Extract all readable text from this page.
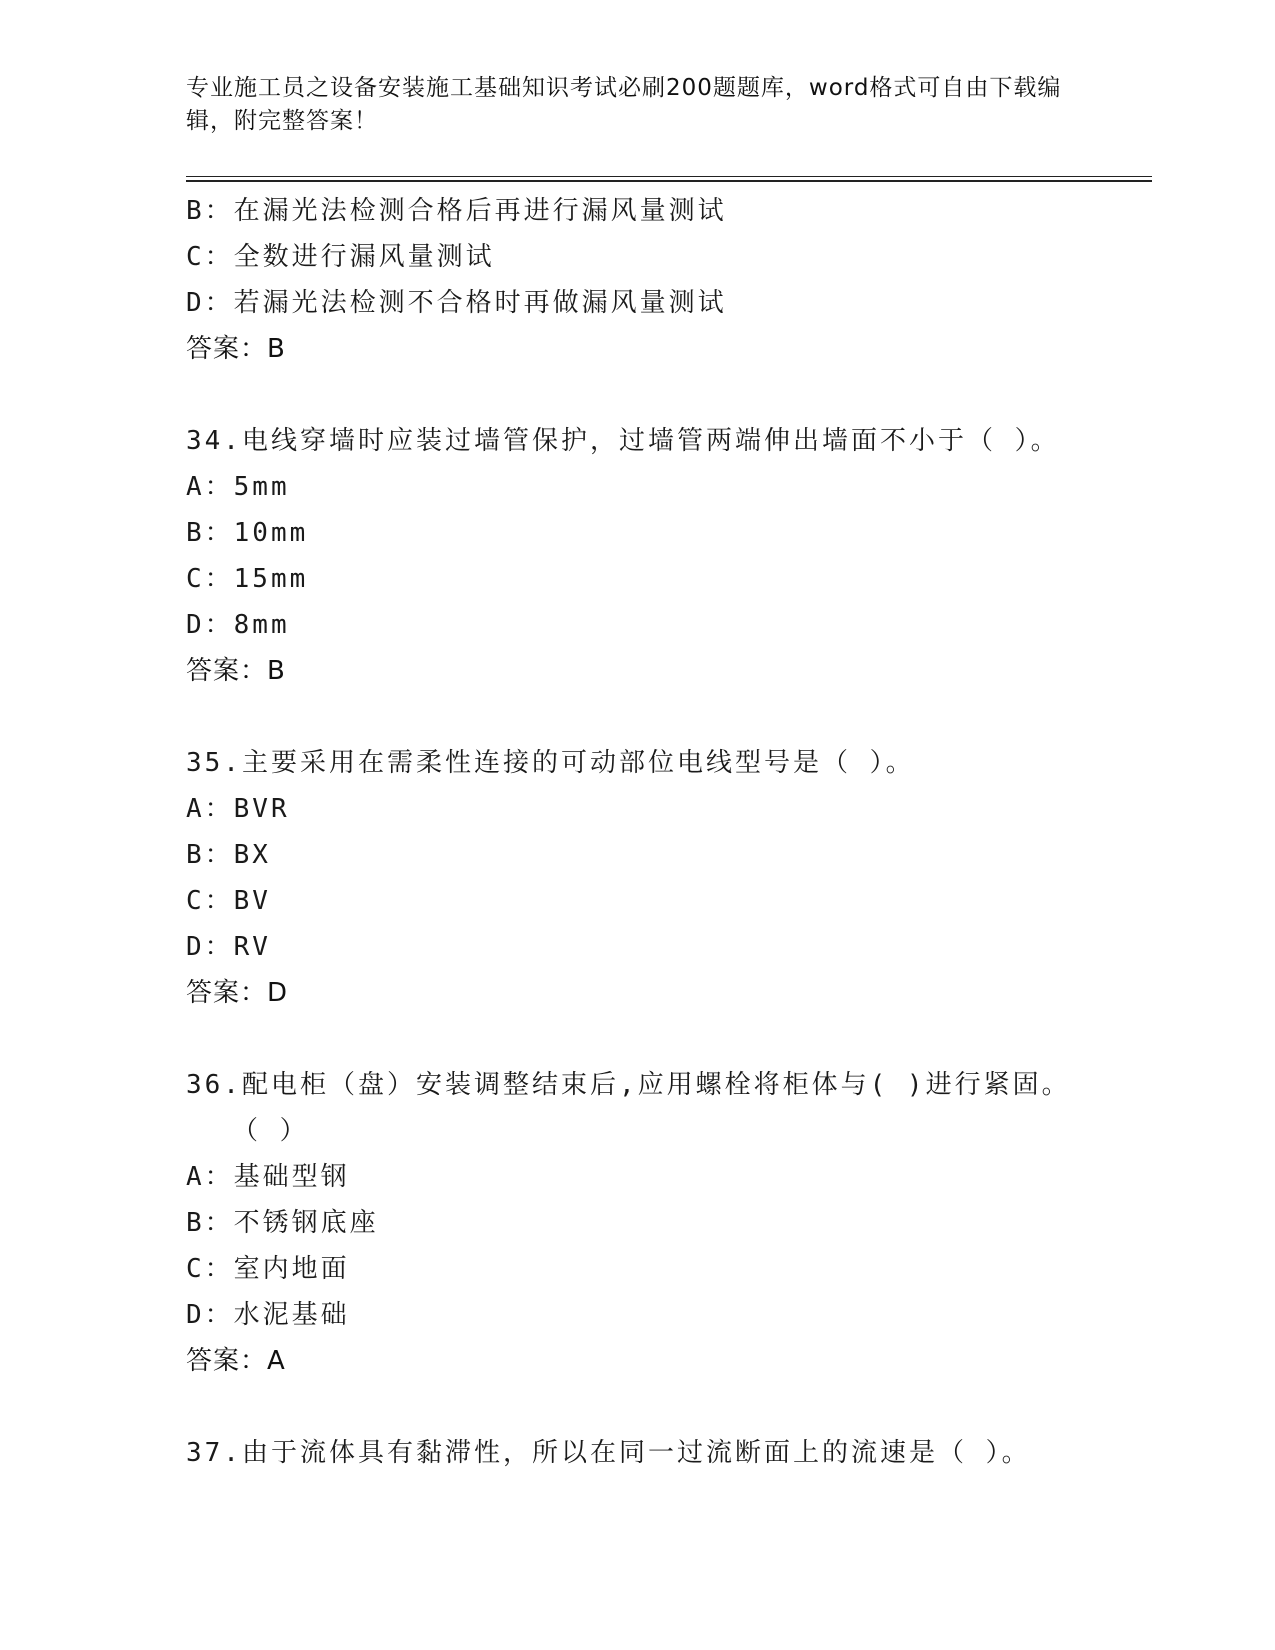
专业施工员之设备安装施工基础知识考试必刷200题题库，word格式可自由下载编辑，附完整答案！
B：在漏光法检测合格后再进行漏风量测试
C：全数进行漏风量测试
D：若漏光法检测不合格时再做漏风量测试
答案：B
34.电线穿墙时应装过墙管保护，过墙管两端伸出墙面不小于（ ）。
A：5mm
B：10mm
C：15mm
D：8mm
答案：B
35.主要采用在需柔性连接的可动部位电线型号是（ ）。
A：BVR
B：BX
C：BV
D：RV
答案：D
36.配电柜（盘）安装调整结束后,应用螺栓将柜体与( )进行紧固。（ ）
A：基础型钢
B：不锈钢底座
C：室内地面
D：水泥基础
答案：A
37.由于流体具有黏滞性，所以在同一过流断面上的流速是（ ）。
